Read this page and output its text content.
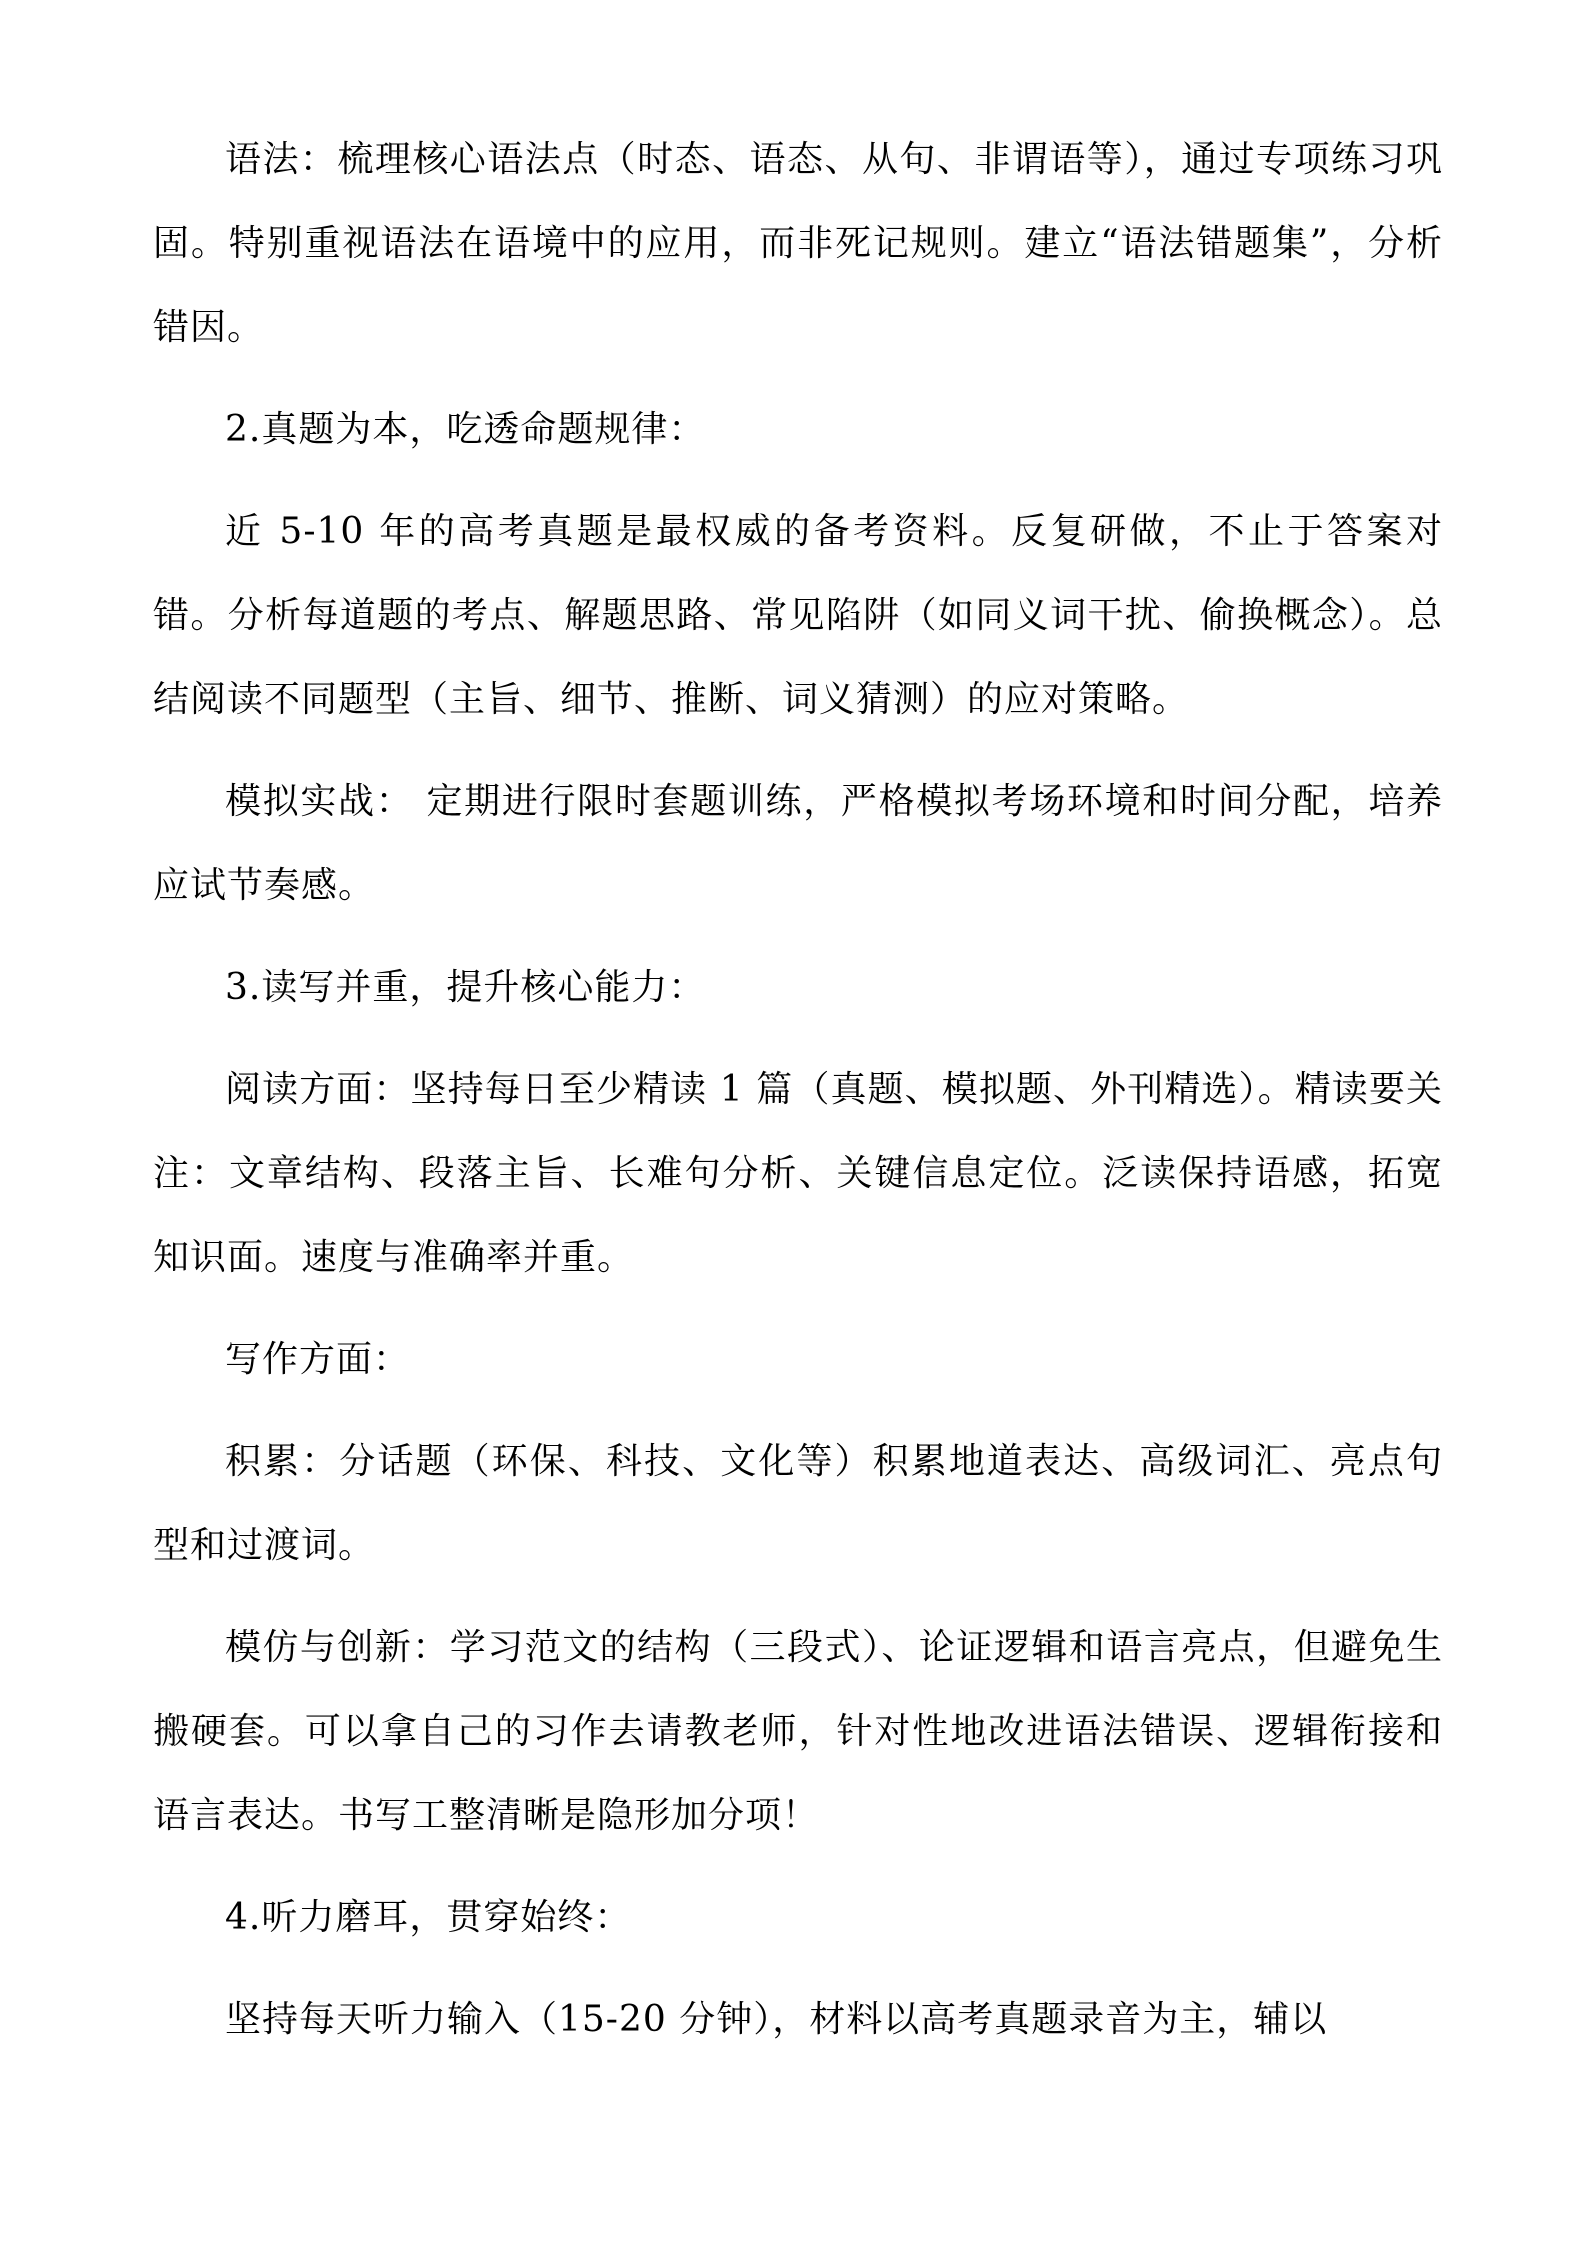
语法：梳理核心语法点（时态、语态、从句、非谓语等），通过专项练习巩固。特别重视语法在语境中的应用，而非死记规则。建立“语法错题集”，分析错因。

2.真题为本，吃透命题规律：

近 5-10 年的高考真题是最权威的备考资料。反复研做，不止于答案对错。分析每道题的考点、解题思路、常见陷阱（如同义词干扰、偷换概念）。总结阅读不同题型（主旨、细节、推断、词义猜测）的应对策略。

模拟实战： 定期进行限时套题训练，严格模拟考场环境和时间分配，培养应试节奏感。

3.读写并重，提升核心能力：

阅读方面：坚持每日至少精读 1 篇（真题、模拟题、外刊精选）。精读要关注：文章结构、段落主旨、长难句分析、关键信息定位。泛读保持语感，拓宽知识面。速度与准确率并重。

写作方面：

积累：分话题（环保、科技、文化等）积累地道表达、高级词汇、亮点句型和过渡词。

模仿与创新：学习范文的结构（三段式）、论证逻辑和语言亮点，但避免生搬硬套。可以拿自己的习作去请教老师，针对性地改进语法错误、逻辑衔接和语言表达。书写工整清晰是隐形加分项！

4.听力磨耳，贯穿始终：

坚持每天听力输入（15-20 分钟），材料以高考真题录音为主，辅以
